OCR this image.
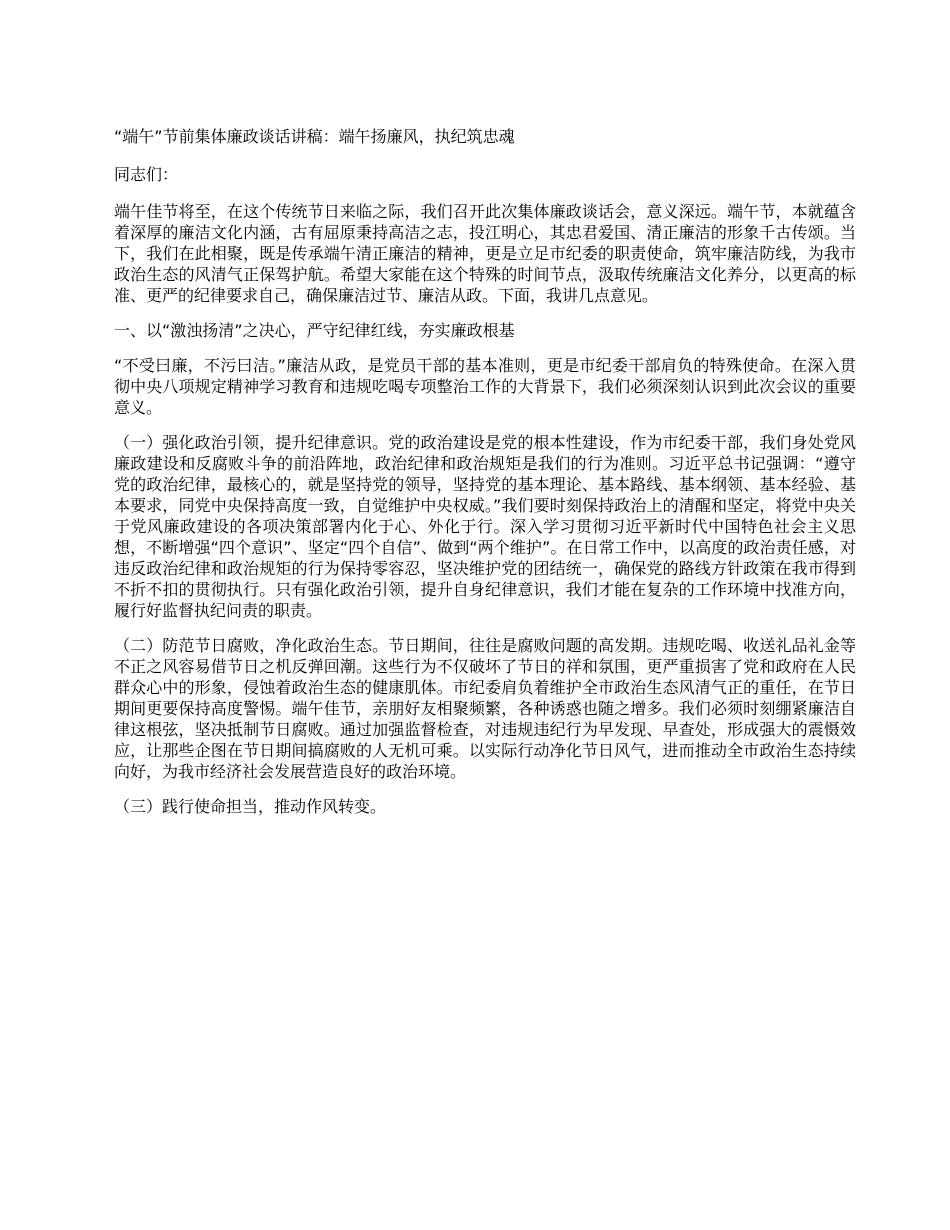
“端午”节前集体廉政谈话讲稿：端午扬廉风，执纪筑忠魂
同志们：
端午佳节将至，在这个传统节日来临之际，我们召开此次集体廉政谈话会，意义深远。端午节，本就蕴含着深厚的廉洁文化内涵，古有屈原秉持高洁之志，投江明心，其忠君爱国、清正廉洁的形象千古传颂。当下，我们在此相聚，既是传承端午清正廉洁的精神，更是立足市纪委的职责使命，筑牢廉洁防线，为我市政治生态的风清气正保驾护航。希望大家能在这个特殊的时间节点，汲取传统廉洁文化养分，以更高的标准、更严的纪律要求自己，确保廉洁过节、廉洁从政。下面，我讲几点意见。
一、以“激浊扬清”之决心，严守纪律红线，夯实廉政根基
“不受曰廉，不污曰洁。”廉洁从政，是党员干部的基本准则，更是市纪委干部肩负的特殊使命。在深入贯彻中央八项规定精神学习教育和违规吃喝专项整治工作的大背景下，我们必须深刻认识到此次会议的重要意义。
（一）强化政治引领，提升纪律意识。党的政治建设是党的根本性建设，作为市纪委干部，我们身处党风廉政建设和反腐败斗争的前沿阵地，政治纪律和政治规矩是我们的行为准则。习近平总书记强调：“遵守党的政治纪律，最核心的，就是坚持党的领导，坚持党的基本理论、基本路线、基本纲领、基本经验、基本要求，同党中央保持高度一致，自觉维护中央权威。”我们要时刻保持政治上的清醒和坚定，将党中央关于党风廉政建设的各项决策部署内化于心、外化于行。深入学习贯彻习近平新时代中国特色社会主义思想，不断增强“四个意识”、坚定“四个自信”、做到“两个维护”。在日常工作中，以高度的政治责任感，对违反政治纪律和政治规矩的行为保持零容忍，坚决维护党的团结统一，确保党的路线方针政策在我市得到不折不扣的贯彻执行。只有强化政治引领，提升自身纪律意识，我们才能在复杂的工作环境中找准方向，履行好监督执纪问责的职责。
（二）防范节日腐败，净化政治生态。节日期间，往往是腐败问题的高发期。违规吃喝、收送礼品礼金等不正之风容易借节日之机反弹回潮。这些行为不仅破坏了节日的祥和氛围，更严重损害了党和政府在人民群众心中的形象，侵蚀着政治生态的健康肌体。市纪委肩负着维护全市政治生态风清气正的重任，在节日期间更要保持高度警惕。端午佳节，亲朋好友相聚频繁，各种诱惑也随之增多。我们必须时刻绷紧廉洁自律这根弦，坚决抵制节日腐败。通过加强监督检查，对违规违纪行为早发现、早查处，形成强大的震慑效应，让那些企图在节日期间搞腐败的人无机可乘。以实际行动净化节日风气，进而推动全市政治生态持续向好，为我市经济社会发展营造良好的政治环境。
（三）践行使命担当，推动作风转变。
